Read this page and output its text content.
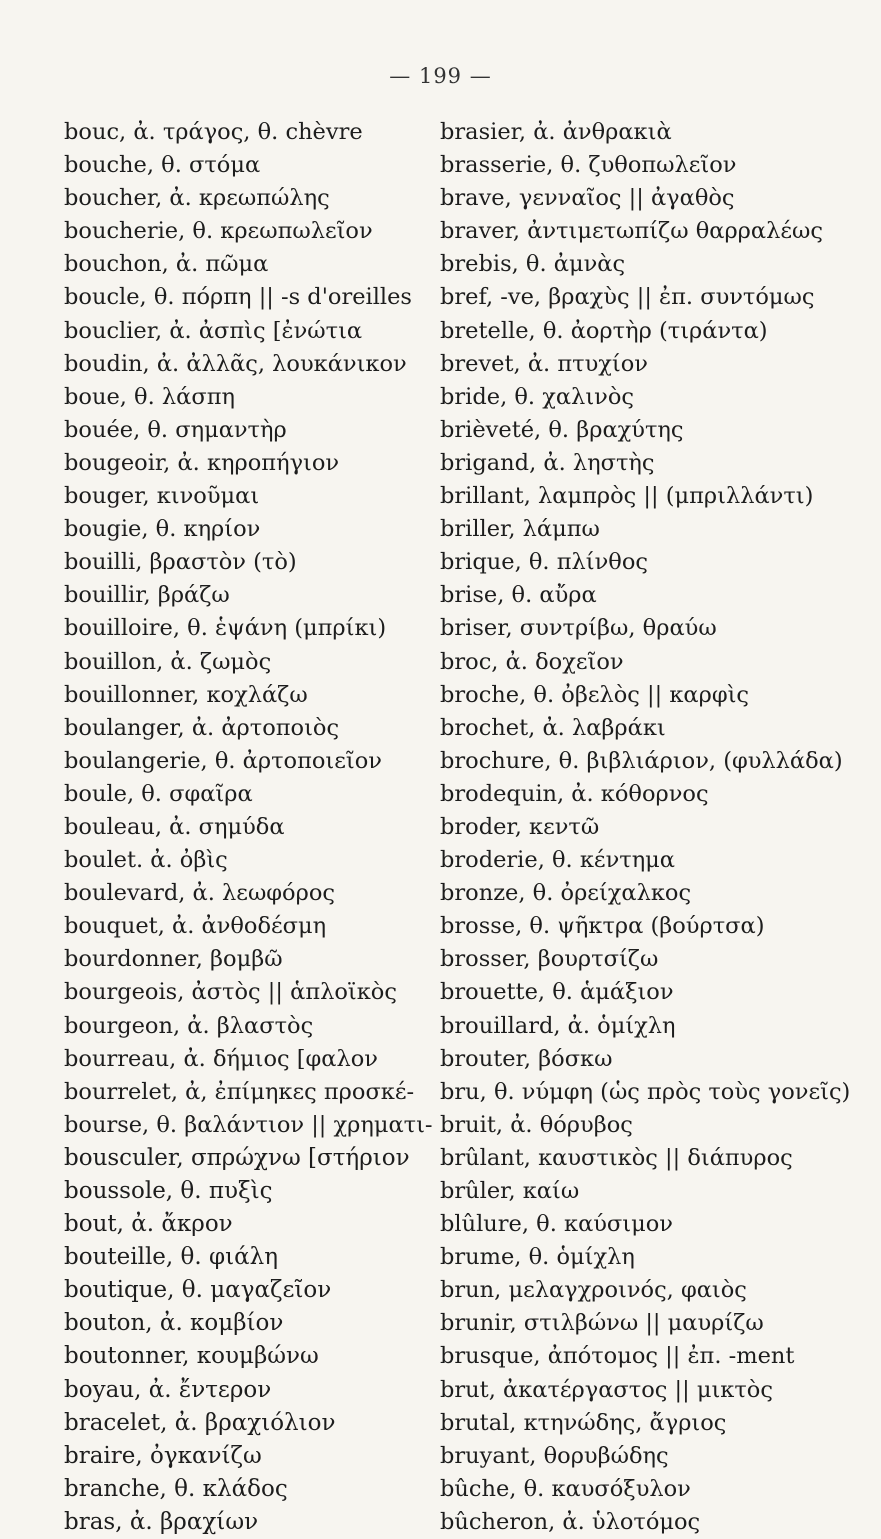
— 199 —
bouc, ἀ. τράγος, θ. chèvre
bouche, θ. στόμα
boucher, ἀ. κρεωπώλης
boucherie, θ. κρεωπωλεῖον
bouchon, ἀ. πῶμα
boucle, θ. πόρπη || -s d'oreilles
bouclier, ἀ. ἀσπὶς [ἐνώτια
boudin, ἀ. ἀλλᾶς, λουκάνικον
boue, θ. λάσπη
bouée, θ. σημαντὴρ
bougeoir, ἀ. κηροπήγιον
bouger, κινοῦμαι
bougie, θ. κηρίον
bouilli, βραστὸν (τὸ)
bouillir, βράζω
bouilloire, θ. ἑψάνη (μπρίκι)
bouillon, ἀ. ζωμὸς
bouillonner, κοχλάζω
boulanger, ἀ. ἀρτοποιὸς
boulangerie, θ. ἀρτοποιεῖον
boule, θ. σφαῖρα
bouleau, ἀ. σημύδα
boulet. ἀ. ὀβὶς
boulevard, ἀ. λεωφόρος
bouquet, ἀ. ἀνθοδέσμη
bourdonner, βομβῶ
bourgeois, ἀστὸς || ἁπλοϊκὸς
bourgeon, ἀ. βλαστὸς
bourreau, ἀ. δήμιος [φαλον
bourrelet, ἀ, ἐπίμηκες προσκέ-
bourse, θ. βαλάντιον || χρηματι-
bousculer, σπρώχνω [στήριον
boussole, θ. πυξὶς
bout, ἀ. ἄκρον
bouteille, θ. φιάλη
boutique, θ. μαγαζεῖον
bouton, ἀ. κομβίον
boutonner, κουμβώνω
boyau, ἀ. ἔντερον
bracelet, ἀ. βραχιόλιον
braire, ὀγκανίζω
branche, θ. κλάδος
bras, ἀ. βραχίων
brasier, ἀ. ἀνθρακιὰ
brasserie, θ. ζυθοπωλεῖον
brave, γενναῖος || ἀγαθὸς
braver, ἀντιμετωπίζω θαρραλέως
brebis, θ. ἀμνὰς
bref, -ve, βραχὺς || ἐπ. συντόμως
bretelle, θ. ἀορτὴρ (τιράντα)
brevet, ἀ. πτυχίον
bride, θ. χαλινὸς
brièveté, θ. βραχύτης
brigand, ἀ. ληστὴς
brillant, λαμπρὸς || (μπριλλάντι)
briller, λάμπω
brique, θ. πλίνθος
brise, θ. αὔρα
briser, συντρίβω, θραύω
broc, ἀ. δοχεῖον
broche, θ. ὀβελὸς || καρφὶς
brochet, ἀ. λαβράκι
brochure, θ. βιβλιάριον, (φυλλάδα)
brodequin, ἀ. κόθορνος
broder, κεντῶ
broderie, θ. κέντημα
bronze, θ. ὀρείχαλκος
brosse, θ. ψῆκτρα (βούρτσα)
brosser, βουρτσίζω
brouette, θ. ἁμάξιον
brouillard, ἀ. ὁμίχλη
brouter, βόσκω
bru, θ. νύμφη (ὡς πρὸς τοὺς γονεῖς)
bruit, ἀ. θόρυβος
brûlant, καυστικὸς || διάπυρος
brûler, καίω
blûlure, θ. καύσιμον
brume, θ. ὁμίχλη
brun, μελαγχροινός, φαιὸς
brunir, στιλβώνω || μαυρίζω
brusque, ἀπότομος || ἐπ. -ment
brut, ἀκατέργαστος || μικτὸς
brutal, κτηνώδης, ἄγριος
bruyant, θορυβώδης
bûche, θ. καυσόξυλον
bûcheron, ἀ. ὑλοτόμος
